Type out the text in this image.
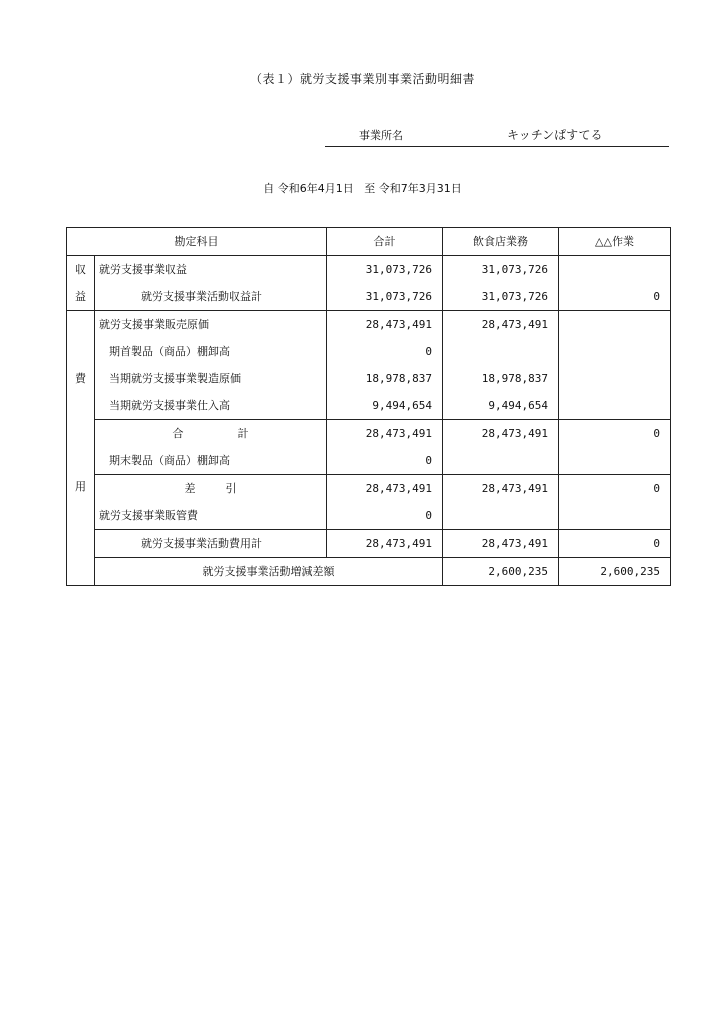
（表１）就労支援事業別事業活動明細書
事業所名	キッチンぱすてる
自 令和6年4月1日 至 令和7年3月31日
勘定科目		合計	飲食店業務	△△作業	

収
益	就労支援事業収益	31,073,726	31,073,726		
	就労支援事業活動収益計	31,073,726	31,073,726	0	

費
用	就労支援事業販売原価	28,473,491	28,473,491		
	期首製品（商品）棚卸高	0			
	当期就労支援事業製造原価	18,978,837	18,978,837		
	当期就労支援事業仕入高	9,494,654	9,494,654		
	合 計	28,473,491	28,473,491	0	
	期末製品（商品）棚卸高	0			
	差 引	28,473,491	28,473,491	0	
	就労支援事業販管費	0			
	就労支援事業活動費用計	28,473,491	28,473,491	0	
	就労支援事業活動増減差額		2,600,235	2,600,235	
